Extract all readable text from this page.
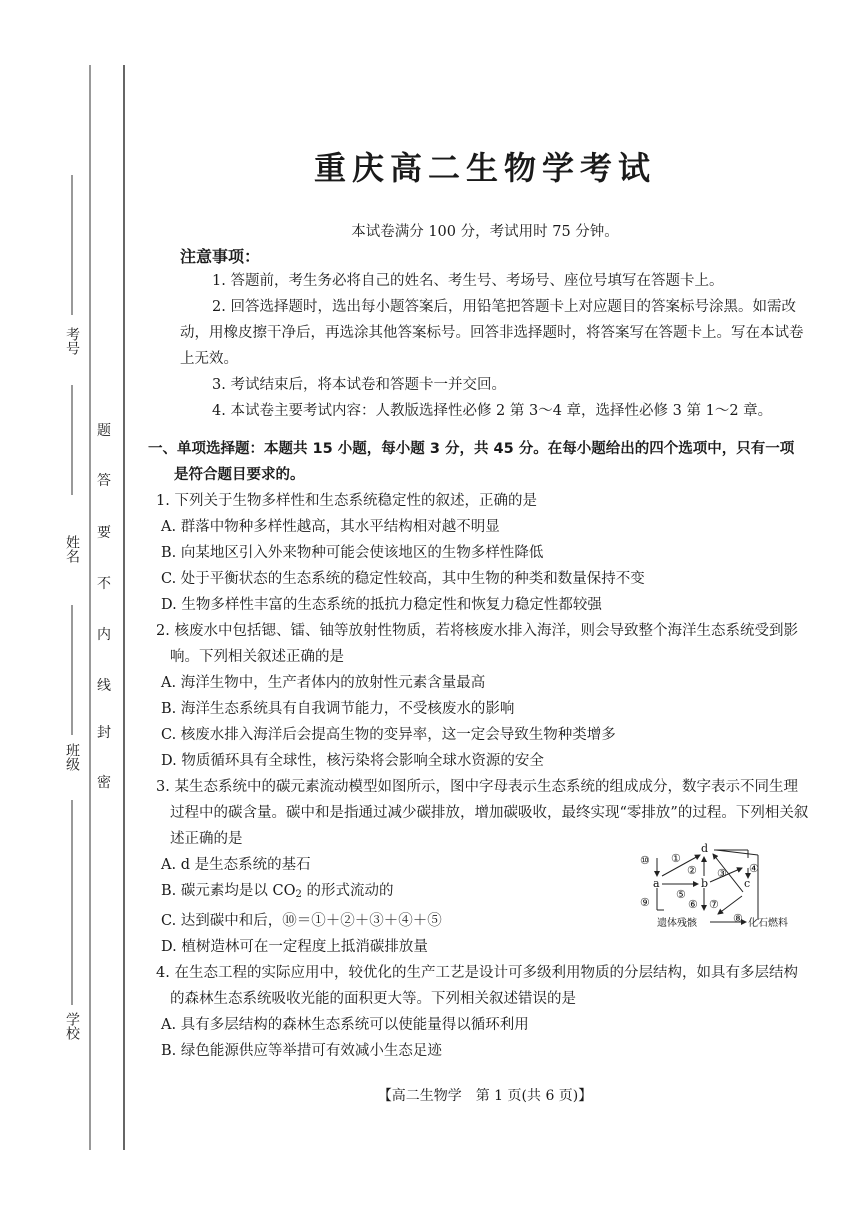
考号
姓名
班级
学校
密
封
线
内
不
要
答
题
重庆高二生物学考试
本试卷满分 100 分，考试用时 75 分钟。
注意事项：

1. 答题前，考生务必将自己的姓名、考生号、考场号、座位号填写在答题卡上。

2. 回答选择题时，选出每小题答案后，用铅笔把答题卡上对应题目的答案标号涂黑。如需改动，用橡皮擦干净后，再选涂其他答案标号。回答非选择题时，将答案写在答题卡上。写在本试卷上无效。

3. 考试结束后，将本试卷和答题卡一并交回。

4. 本试卷主要考试内容：人教版选择性必修 2 第 3～4 章，选择性必修 3 第 1～2 章。

一、单项选择题：本题共 15 小题，每小题 3 分，共 45 分。在每小题给出的四个选项中，只有一项
是符合题目要求的。
1. 下列关于生物多样性和生态系统稳定性的叙述，正确的是
A. 群落中物种多样性越高，其水平结构相对越不明显
B. 向某地区引入外来物种可能会使该地区的生物多样性降低
C. 处于平衡状态的生态系统的稳定性较高，其中生物的种类和数量保持不变
D. 生物多样性丰富的生态系统的抵抗力稳定性和恢复力稳定性都较强
2. 核废水中包括锶、镭、铀等放射性物质，若将核废水排入海洋，则会导致整个海洋生态系统受到影响。下列相关叙述正确的是
A. 海洋生物中，生产者体内的放射性元素含量最高
B. 海洋生态系统具有自我调节能力，不受核废水的影响
C. 核废水排入海洋后会提高生物的变异率，这一定会导致生物种类增多
D. 物质循环具有全球性，核污染将会影响全球水资源的安全
3. 某生态系统中的碳元素流动模型如图所示，图中字母表示生态系统的组成成分，数字表示不同生理过程中的碳含量。碳中和是指通过减少碳排放，增加碳吸收，最终实现“零排放”的过程。下列相关叙述正确的是
A. d 是生态系统的基石
B. 碳元素均是以 $CO_2$ 的形式流动的
C. 达到碳中和后，⑩＝①＋②＋③＋④＋⑤
D. 植树造林可在一定程度上抵消碳排放量
4. 在生态工程的实际应用中，较优化的生产工艺是设计可多级利用物质的分层结构，如具有多层结构的森林生态系统吸收光能的面积更大等。下列相关叙述错误的是
A. 具有多层结构的森林生态系统可以使能量得以循环利用
B. 绿色能源供应等举措可有效减小生态足迹
d
a	b	c
⑩ ①
② ③ ④
⑤
⑥ ⑦
⑧
⑨
遗体残骸	化石燃料
【高二生物学　第 1 页(共 6 页)】
